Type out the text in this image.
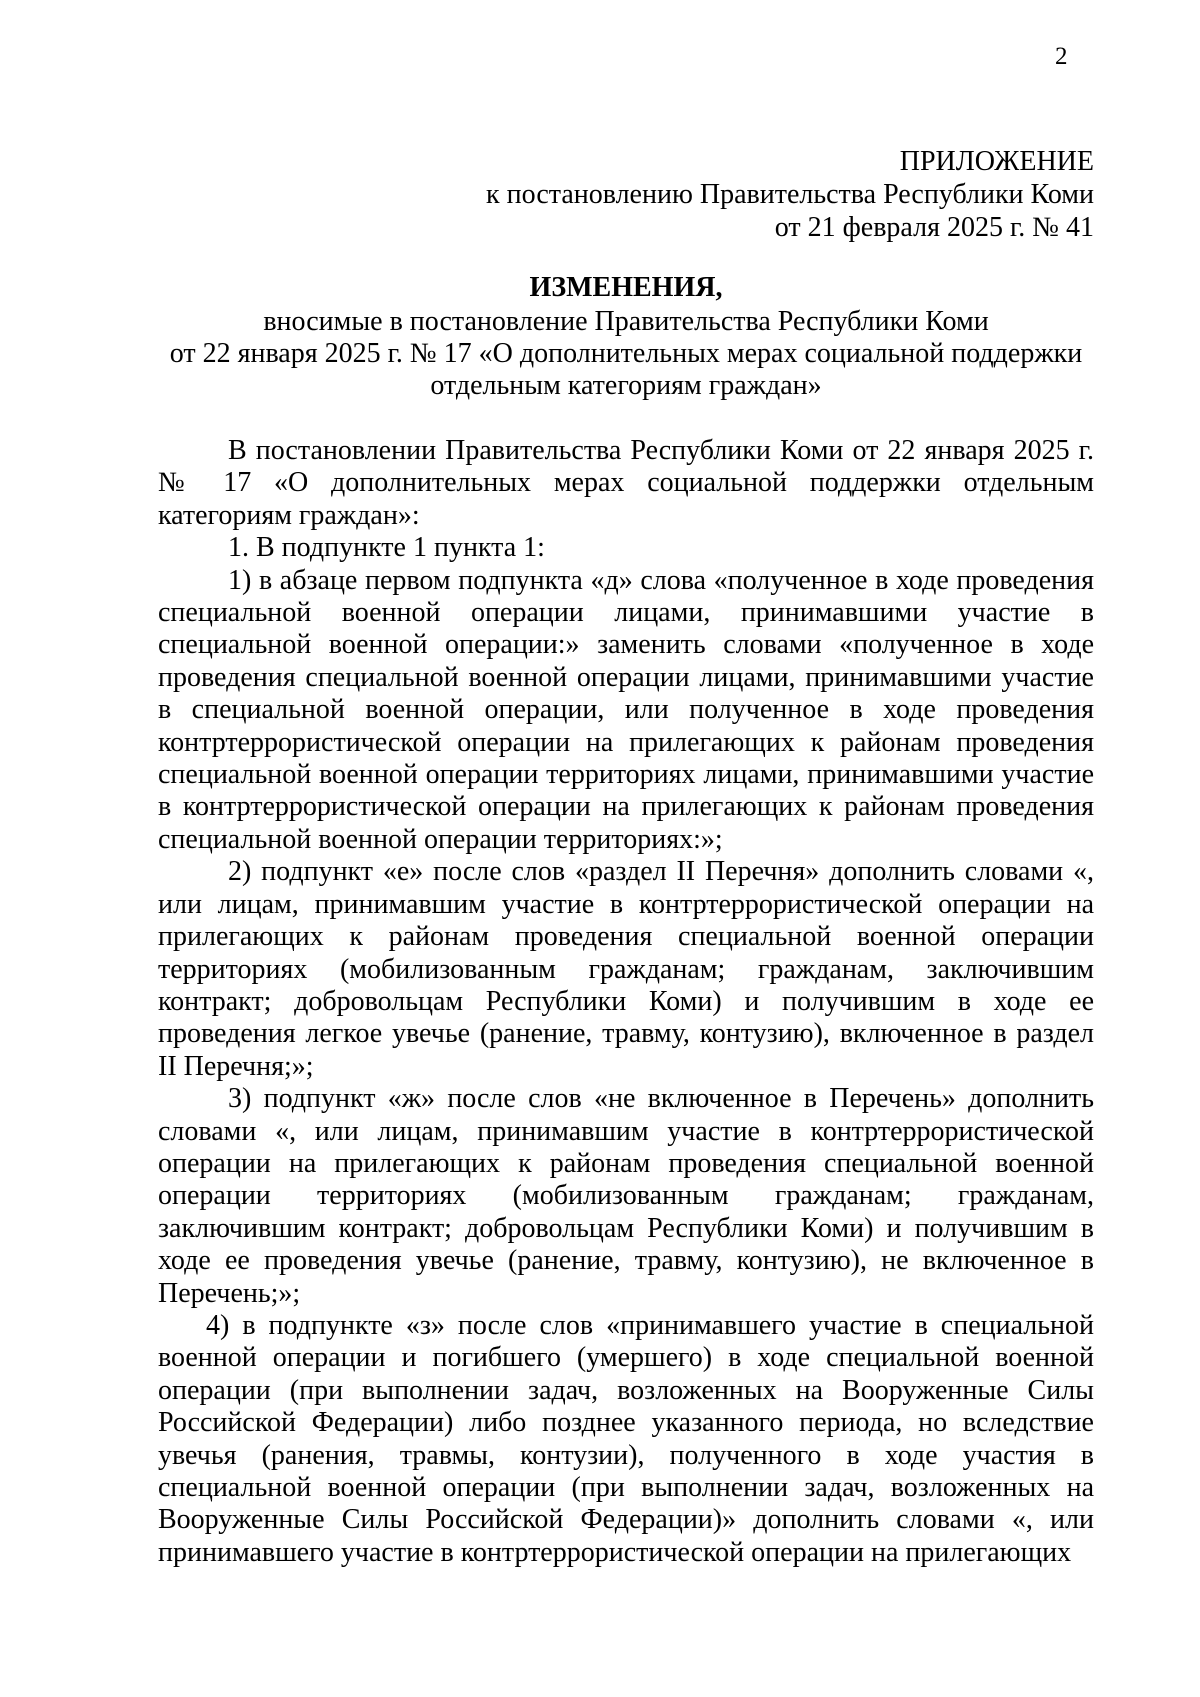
2
ПРИЛОЖЕНИЕ
к постановлению Правительства Республики Коми
от 21 февраля 2025 г. № 41
ИЗМЕНЕНИЯ,
вносимые в постановление Правительства Республики Коми
от 22 января 2025 г. № 17 «О дополнительных мерах социальной поддержки
отдельным категориям граждан»

В постановлении Правительства Республики Коми от 22 января 2025 г. № 17 «О дополнительных мерах социальной поддержки отдельным категориям граждан»:

1. В подпункте 1 пункта 1:

1) в абзаце первом подпункта «д» слова «полученное в ходе проведения специальной военной операции лицами, принимавшими участие в специальной военной операции:» заменить словами «полученное в ходе проведения специальной военной операции лицами, принимавшими участие в специальной военной операции, или полученное в ходе проведения контртеррористической операции на прилегающих к районам проведения специальной военной операции территориях лицами, принимавшими участие в контртеррористической операции на прилегающих к районам проведения специальной военной операции территориях:»;

2) подпункт «е» после слов «раздел II Перечня» дополнить словами «, или лицам, принимавшим участие в контртеррористической операции на прилегающих к районам проведения специальной военной операции территориях (мобилизованным гражданам; гражданам, заключившим контракт; добровольцам Республики Коми) и получившим в ходе ее проведения легкое увечье (ранение, травму, контузию), включенное в раздел II Перечня;»;

3) подпункт «ж» после слов «не включенное в Перечень» дополнить словами «, или лицам, принимавшим участие в контртеррористической операции на прилегающих к районам проведения специальной военной операции территориях (мобилизованным гражданам; гражданам, заключившим контракт; добровольцам Республики Коми) и получившим в ходе ее проведения увечье (ранение, травму, контузию), не включенное в Перечень;»;

4) в подпункте «з» после слов «принимавшего участие в специальной военной операции и погибшего (умершего) в ходе специальной военной операции (при выполнении задач, возложенных на Вооруженные Силы Российской Федерации) либо позднее указанного периода, но вследствие увечья (ранения, травмы, контузии), полученного в ходе участия в специальной военной операции (при выполнении задач, возложенных на Вооруженные Силы Российской Федерации)» дополнить словами «, или принимавшего участие в контртеррористической операции на прилегающих
